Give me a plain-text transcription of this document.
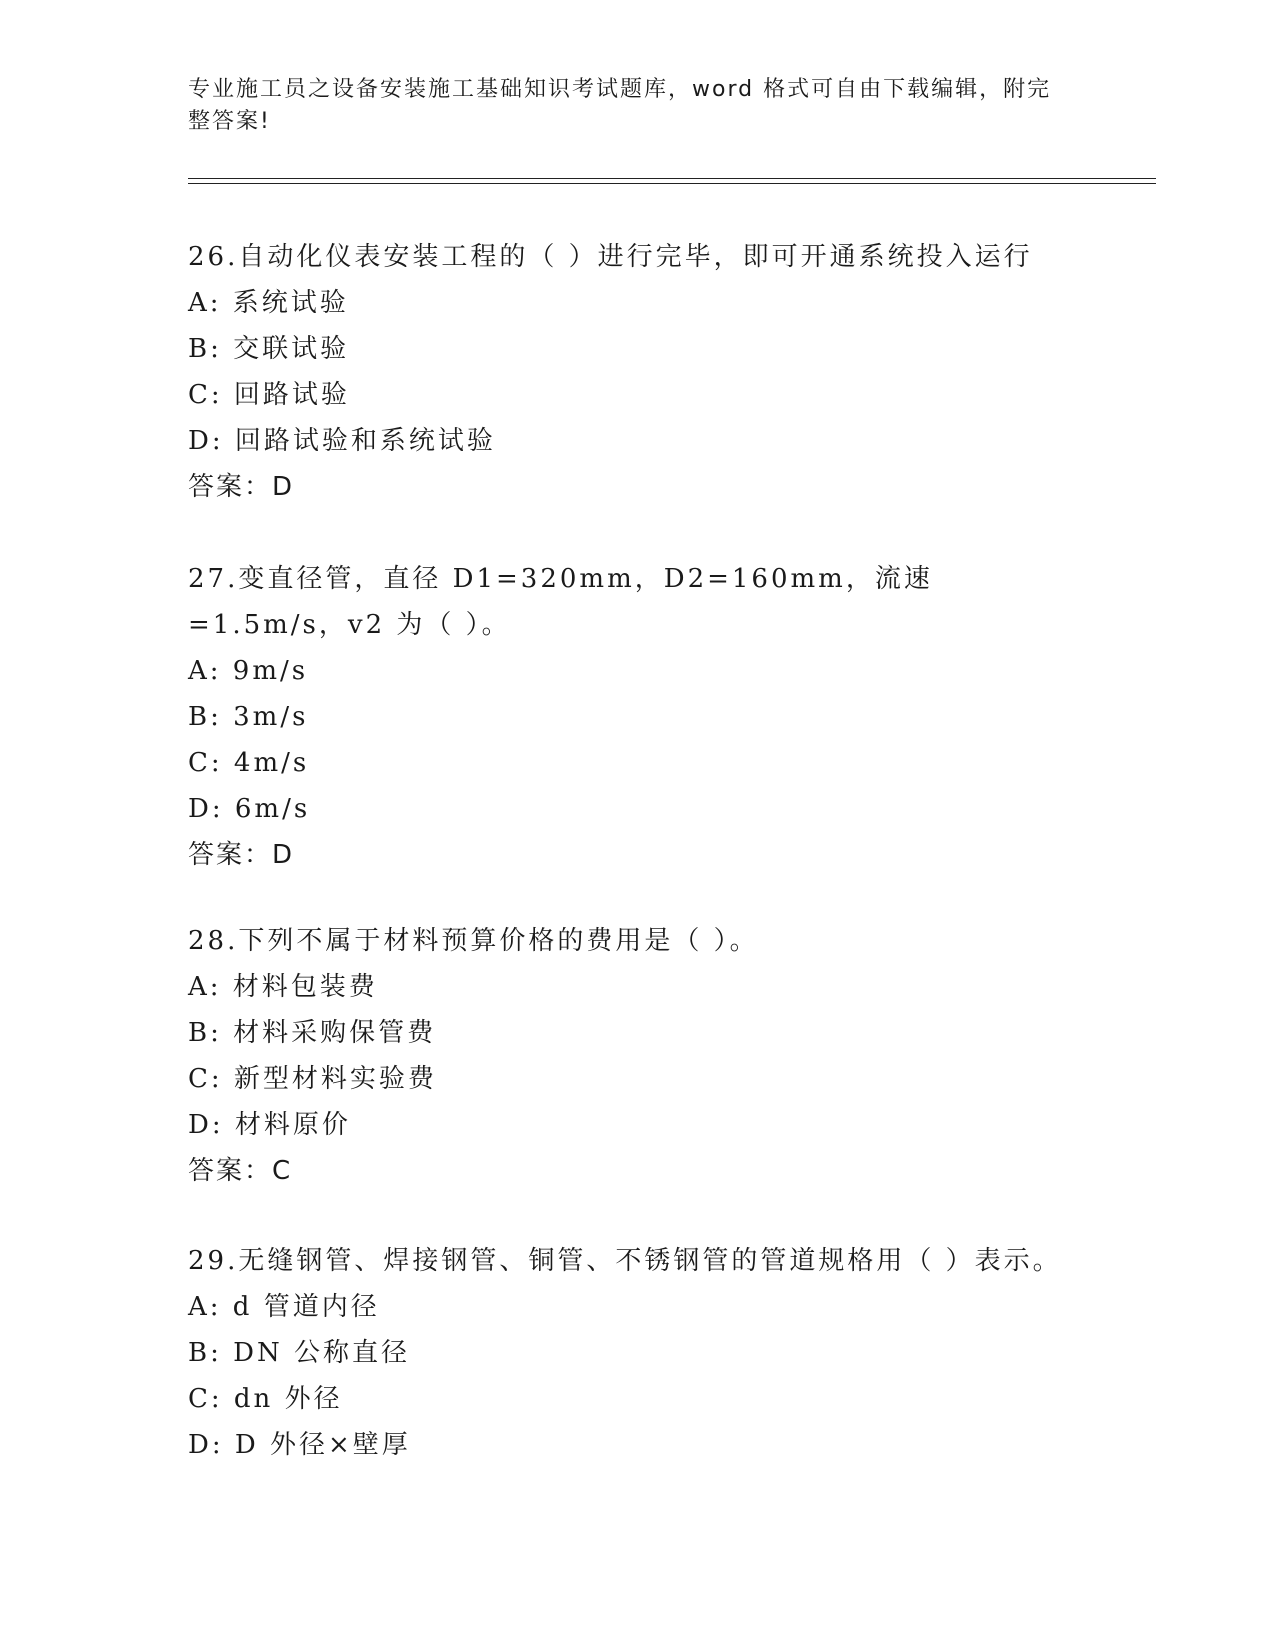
专业施工员之设备安装施工基础知识考试题库，word 格式可自由下载编辑，附完整答案!
26.自动化仪表安装工程的（ ）进行完毕，即可开通系统投入运行
A: 系统试验
B: 交联试验
C: 回路试验
D: 回路试验和系统试验
答案：D
27.变直径管，直径 D1=320mm，D2=160mm，流速=1.5m/s，v2 为（ ）。
A: 9m/s
B: 3m/s
C: 4m/s
D: 6m/s
答案：D
28.下列不属于材料预算价格的费用是（ ）。
A: 材料包装费
B: 材料采购保管费
C: 新型材料实验费
D: 材料原价
答案：C
29.无缝钢管、焊接钢管、铜管、不锈钢管的管道规格用（ ）表示。
A: d 管道内径
B: DN 公称直径
C: dn 外径
D: D 外径×壁厚
